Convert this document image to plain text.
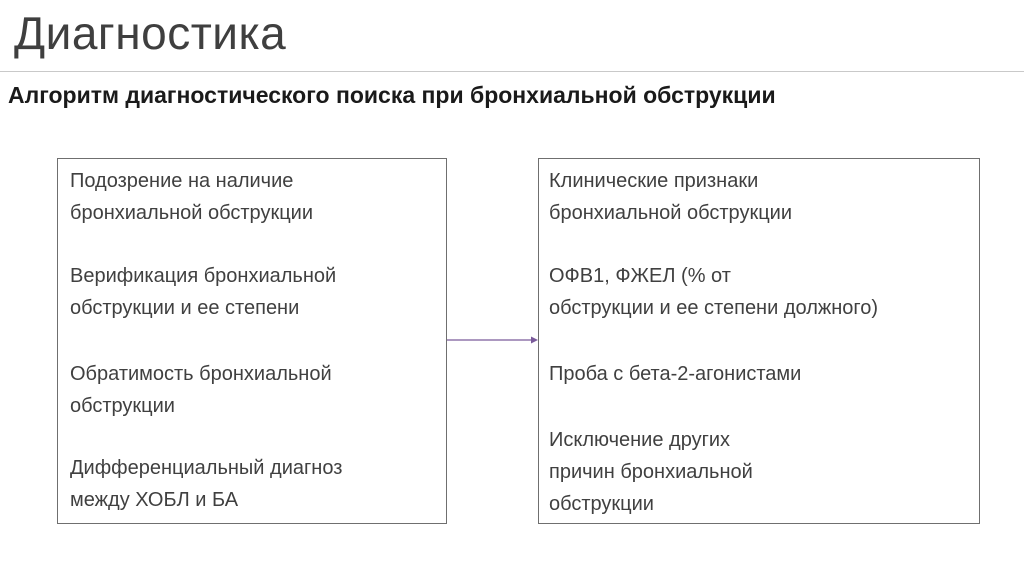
Диагностика
Алгоритм диагностического поиска при бронхиальной обструкции
Подозрение на наличие
бронхиальной обструкции
Верификация бронхиальной
обструкции и ее степени
Обратимость бронхиальной
обструкции
Дифференциальный диагноз
между ХОБЛ и БА
Клинические признаки
бронхиальной обструкции
ОФВ1, ФЖЕЛ (% от
обструкции и ее степени должного)
Проба с бета-2-агонистами
Исключение других
причин бронхиальной
обструкции
